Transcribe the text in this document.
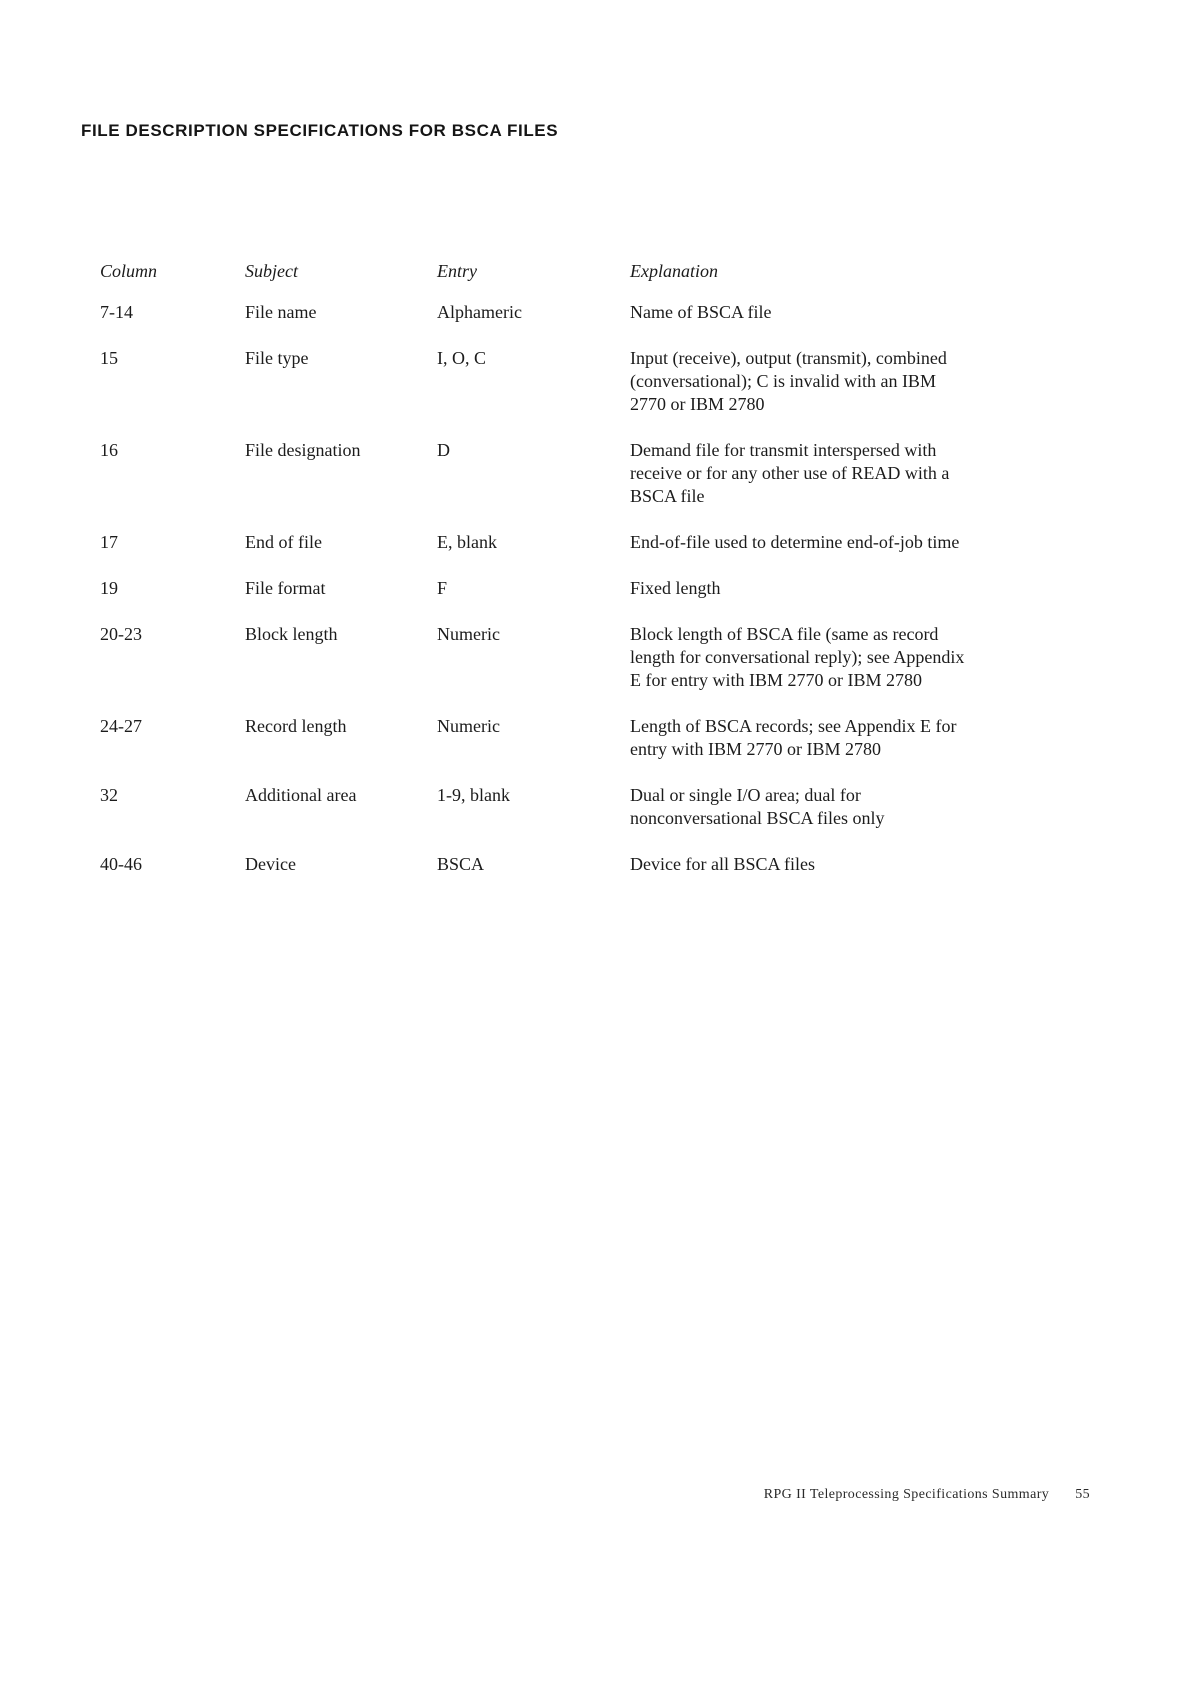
FILE DESCRIPTION SPECIFICATIONS FOR BSCA FILES
Column	Subject	Entry	Explanation
7-14	File name	Alphameric	Name of BSCA file
15	File type	I, O, C	Input (receive), output (transmit), combined (conversational); C is invalid with an IBM 2770 or IBM 2780
16	File designation	D	Demand file for transmit interspersed with receive or for any other use of READ with a BSCA file
17	End of file	E, blank	End-of-file used to determine end-of-job time
19	File format	F	Fixed length
20-23	Block length	Numeric	Block length of BSCA file (same as record length for conversational reply); see Appendix E for entry with IBM 2770 or IBM 2780
24-27	Record length	Numeric	Length of BSCA records; see Appendix E for entry with IBM 2770 or IBM 2780
32	Additional area	1-9, blank	Dual or single I/O area; dual for nonconversational BSCA files only
40-46	Device	BSCA	Device for all BSCA files
RPG II Teleprocessing Specifications Summary 55
